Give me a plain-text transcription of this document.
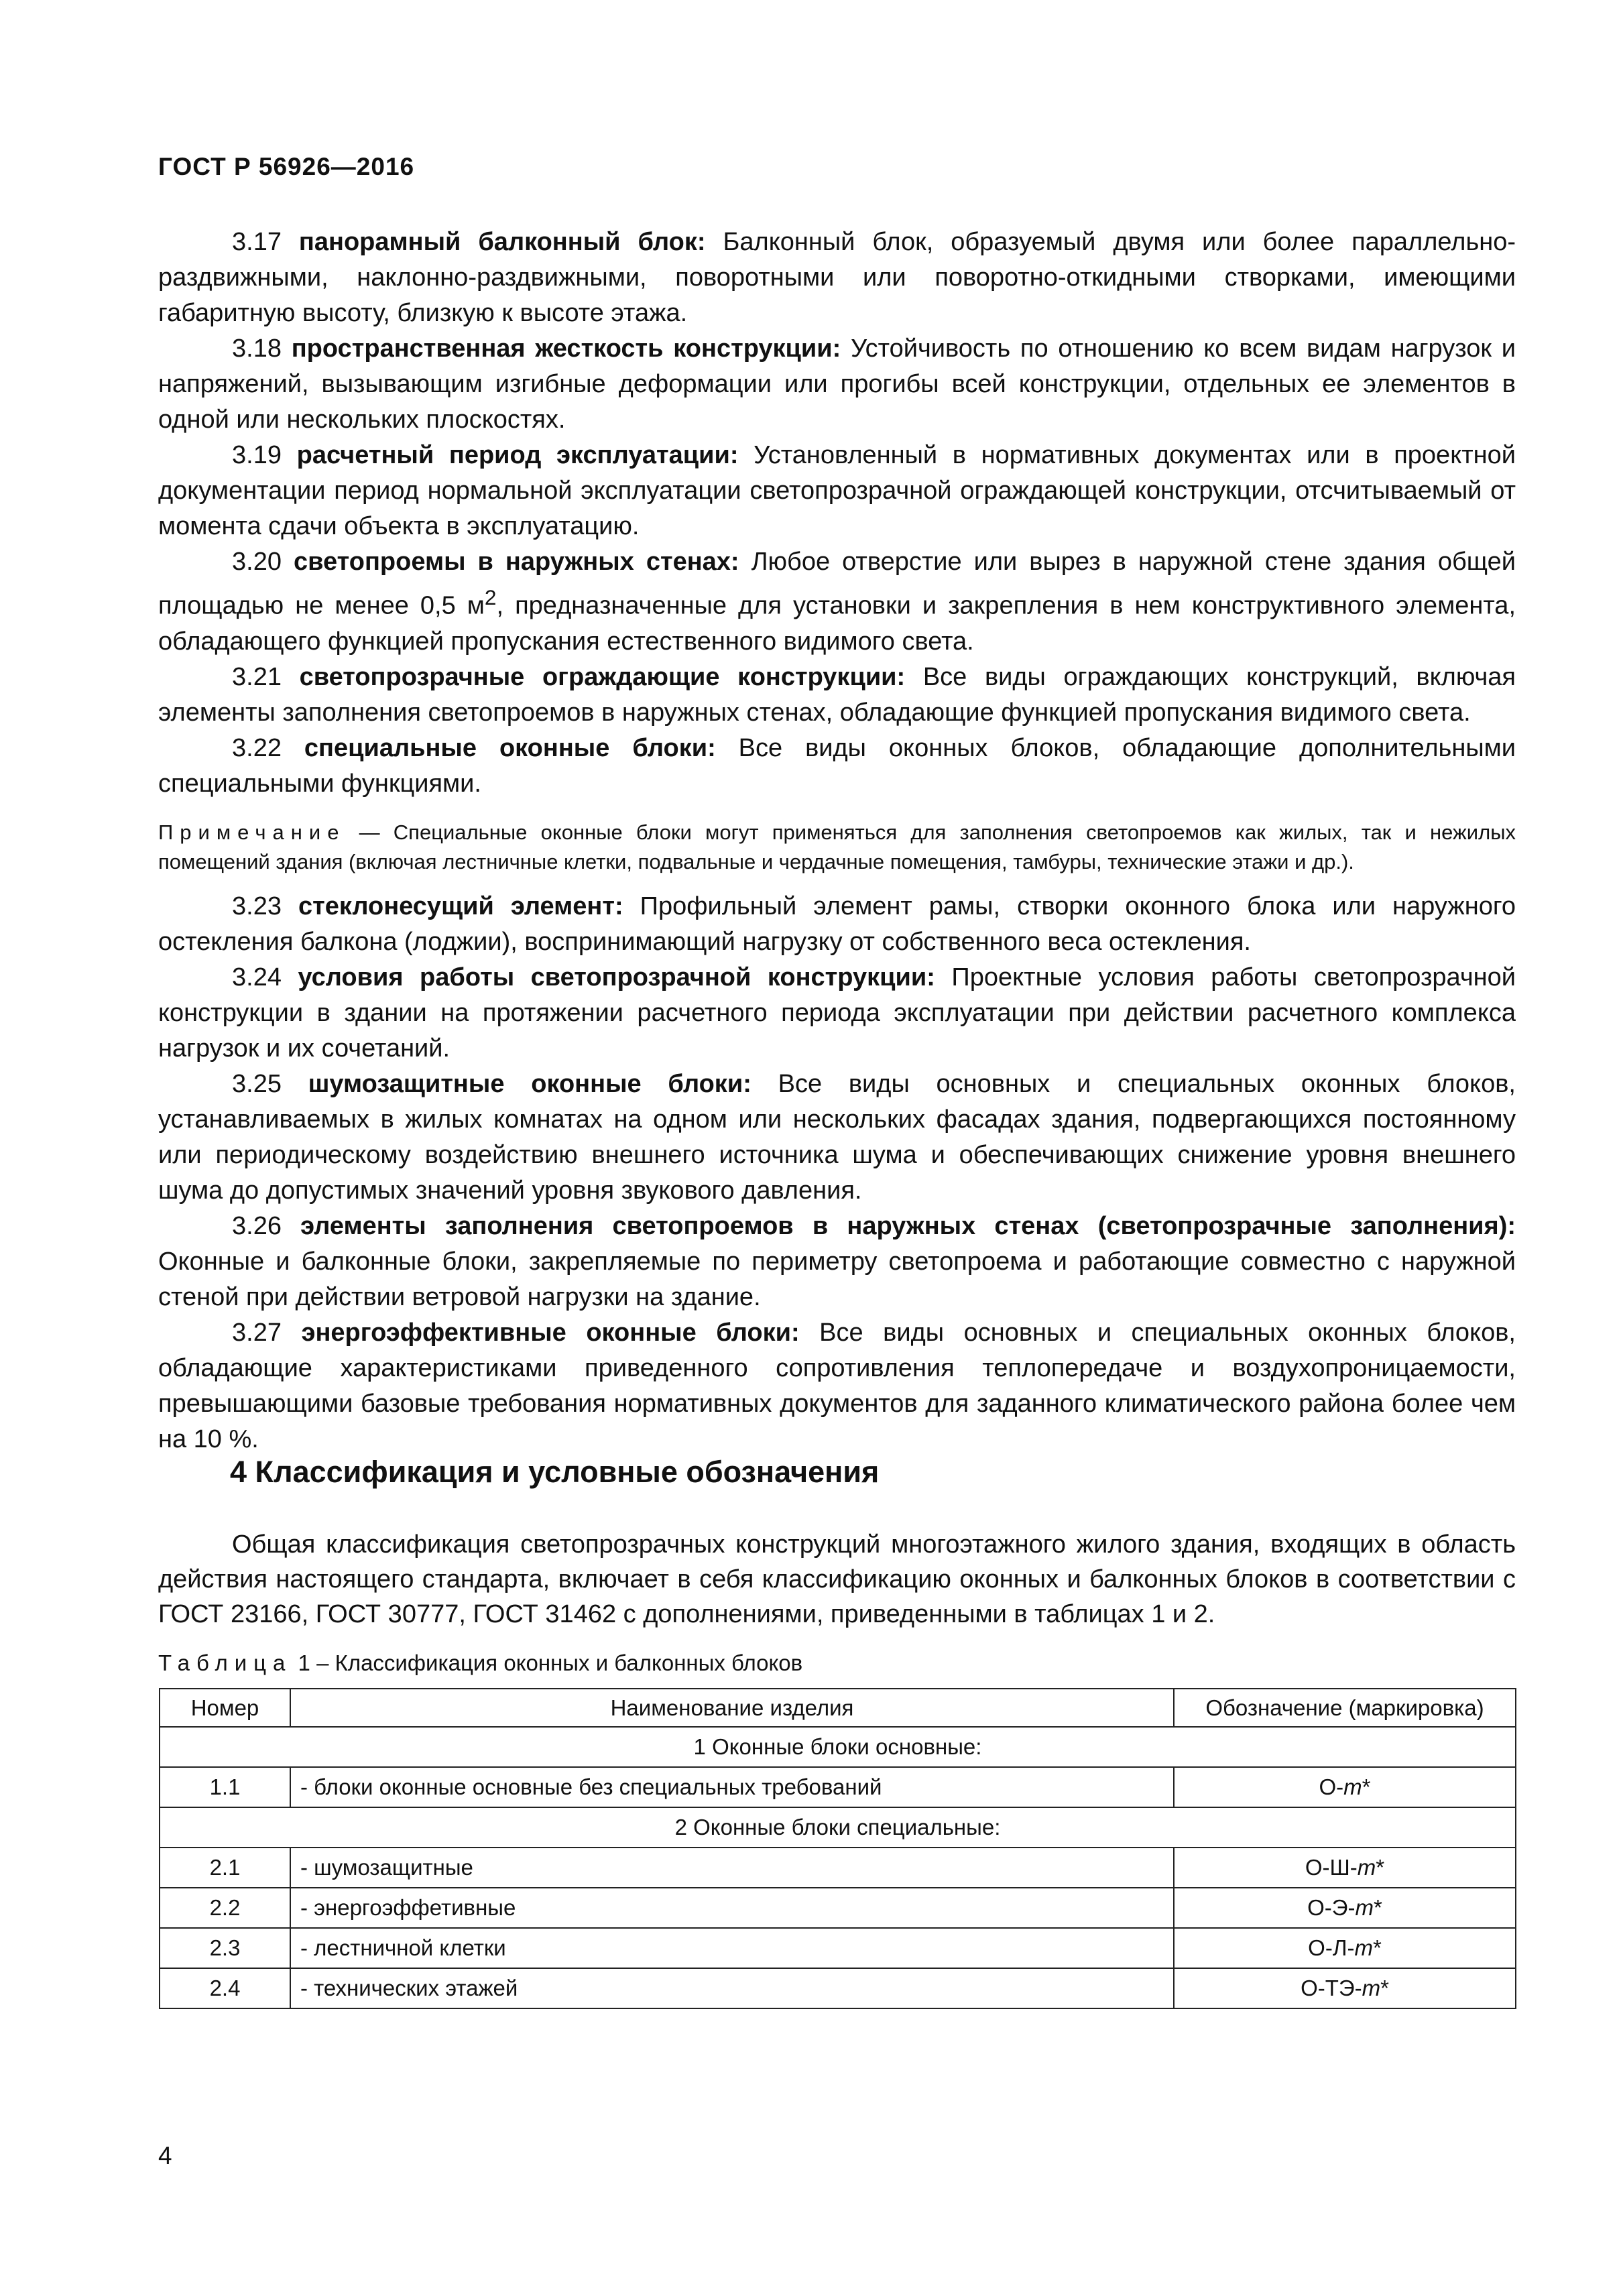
ГОСТ Р 56926—2016

3.17 панорамный балконный блок: Балконный блок, образуемый двумя или более параллельно-раздвижными, наклонно-раздвижными, поворотными или поворотно-откидными створками, имеющими габаритную высоту, близкую к высоте этажа.

3.18 пространственная жесткость конструкции: Устойчивость по отношению ко всем видам нагрузок и напряжений, вызывающим изгибные деформации или прогибы всей конструкции, отдельных ее элементов в одной или нескольких плоскостях.

3.19 расчетный период эксплуатации: Установленный в нормативных документах или в проектной документации период нормальной эксплуатации светопрозрачной ограждающей конструкции, отсчитываемый от момента сдачи объекта в эксплуатацию.

3.20 светопроемы в наружных стенах: Любое отверстие или вырез в наружной стене здания общей площадью не менее 0,5 $м^2$, предназначенные для установки и закрепления в нем конструктивного элемента, обладающего функцией пропускания естественного видимого света.

3.21 светопрозрачные ограждающие конструкции: Все виды ограждающих конструкций, включая элементы заполнения светопроемов в наружных стенах, обладающие функцией пропускания видимого света.

3.22 специальные оконные блоки: Все виды оконных блоков, обладающие дополнительными специальными функциями.

Примечание — Специальные оконные блоки могут применяться для заполнения светопроемов как жилых, так и нежилых помещений здания (включая лестничные клетки, подвальные и чердачные помещения, тамбуры, технические этажи и др.).

3.23 стеклонесущий элемент: Профильный элемент рамы, створки оконного блока или наружного остекления балкона (лоджии), воспринимающий нагрузку от собственного веса остекления.

3.24 условия работы светопрозрачной конструкции: Проектные условия работы светопрозрачной конструкции в здании на протяжении расчетного периода эксплуатации при действии расчетного комплекса нагрузок и их сочетаний.

3.25 шумозащитные оконные блоки: Все виды основных и специальных оконных блоков, устанавливаемых в жилых комнатах на одном или нескольких фасадах здания, подвергающихся постоянному или периодическому воздействию внешнего источника шума и обеспечивающих снижение уровня внешнего шума до допустимых значений уровня звукового давления.

3.26 элементы заполнения светопроемов в наружных стенах (светопрозрачные заполнения): Оконные и балконные блоки, закрепляемые по периметру светопроема и работающие совместно с наружной стеной при действии ветровой нагрузки на здание.

3.27 энергоэффективные оконные блоки: Все виды основных и специальных оконных блоков, обладающие характеристиками приведенного сопротивления теплопередаче и воздухопроницаемости, превышающими базовые требования нормативных документов для заданного климатического района более чем на 10 %.

4 Классификация и условные обозначения

Общая классификация светопрозрачных конструкций многоэтажного жилого здания, входящих в область действия настоящего стандарта, включает в себя классификацию оконных и балконных блоков в соответствии с ГОСТ 23166, ГОСТ 30777, ГОСТ 31462 с дополнениями, приведенными в таблицах 1 и 2.

Таблица 1 – Классификация оконных и балконных блоков
Номер	Наименование изделия	Обозначение (маркировка)
1 Оконные блоки основные:		
1.1	- блоки оконные основные без специальных требований	О-m*
2 Оконные блоки специальные:		
2.1	- шумозащитные	О-Ш-m*
2.2	- энергоэффетивные	О-Э-m*
2.3	- лестничной клетки	О-Л-m*
2.4	- технических этажей	О-ТЭ-m*
4
